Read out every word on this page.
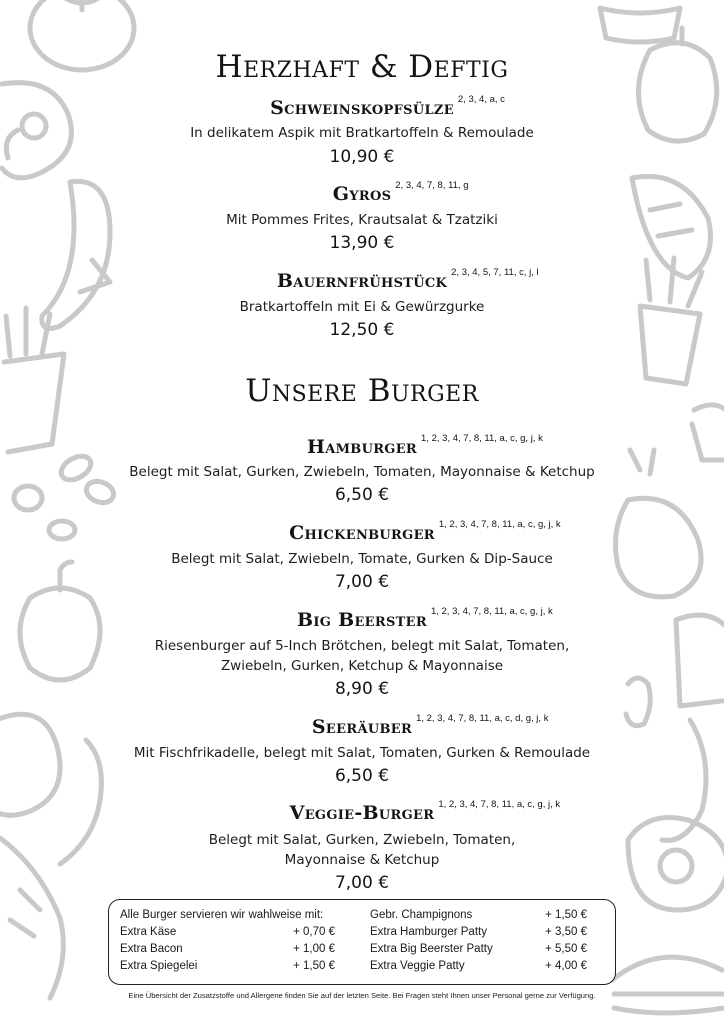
Herzhaft & Deftig
Schweinskopfsülze 2, 3, 4, a, c
In delikatem Aspik mit Bratkartoffeln & Remoulade
10,90 €
Gyros 2, 3, 4, 7, 8, 11, g
Mit Pommes Frites, Krautsalat & Tzatziki
13,90 €
Bauernfrühstück 2, 3, 4, 5, 7, 11, c, j, l
Bratkartoffeln mit Ei & Gewürzgurke
12,50 €
Unsere Burger
Hamburger 1, 2, 3, 4, 7, 8, 11, a, c, g, j, k
Belegt mit Salat, Gurken, Zwiebeln, Tomaten, Mayonnaise & Ketchup
6,50 €
Chickenburger 1, 2, 3, 4, 7, 8, 11, a, c, g, j, k
Belegt mit Salat, Zwiebeln, Tomate, Gurken & Dip-Sauce
7,00 €
Big Beerster 1, 2, 3, 4, 7, 8, 11, a, c, g, j, k
Riesenburger auf 5-Inch Brötchen, belegt mit Salat, Tomaten,
Zwiebeln, Gurken, Ketchup & Mayonnaise
8,90 €
Seeräuber 1, 2, 3, 4, 7, 8, 11, a, c, d, g, j, k
Mit Fischfrikadelle, belegt mit Salat, Tomaten, Gurken & Remoulade
6,50 €
Veggie-Burger 1, 2, 3, 4, 7, 8, 11, a, c, g, j, k
Belegt mit Salat, Gurken, Zwiebeln, Tomaten,
Mayonnaise & Ketchup
7,00 €
Alle Burger servieren wir wahlweise mit:
Extra Käse	+ 0,70 €
Extra Bacon	+ 1,00 €
Extra Spiegelei	+ 1,50 €
Gebr. Champignons	+ 1,50 €
Extra Hamburger Patty	+ 3,50 €
Extra Big Beerster Patty	+ 5,50 €
Extra Veggie Patty	+ 4,00 €
Eine Übersicht der Zusatzstoffe und Allergene finden Sie auf der letzten Seite. Bei Fragen steht Ihnen unser Personal gerne zur Verfügung.
